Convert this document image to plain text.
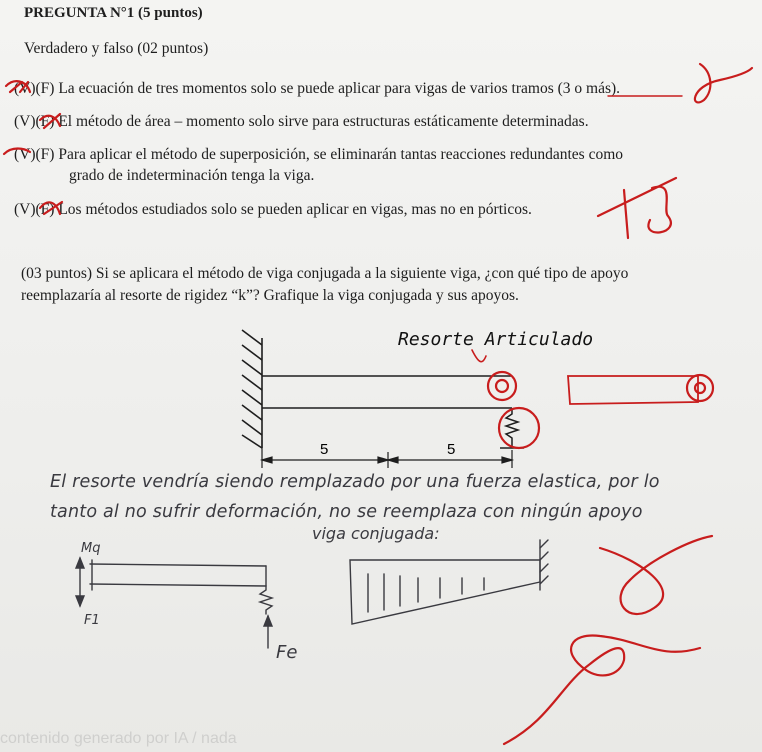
PREGUNTA N°1 (5 puntos)
Verdadero y falso (02 puntos)
(V)(F) La ecuación de tres momentos solo se puede aplicar para vigas de varios tramos (3 o más).
(V)(F) El método de área – momento solo sirve para estructuras estáticamente determinadas.
(V)(F) Para aplicar el método de superposición, se eliminarán tantas reacciones redundantes como
grado de indeterminación tenga la viga.
(V)(F) Los métodos estudiados solo se pueden aplicar en vigas, mas no en pórticos.
(03 puntos) Si se aplicara el método de viga conjugada a la siguiente viga, ¿con qué tipo de apoyo
reemplazaría al resorte de rigidez “k”? Grafique la viga conjugada y sus apoyos.
5	5
Resorte Articulado
Mq
F1
Fe
El resorte vendría siendo remplazado por una fuerza elastica, por lo
tanto al no sufrir deformación, no se reemplaza con ningún apoyo
viga conjugada:
contenido generado por IA / nada
